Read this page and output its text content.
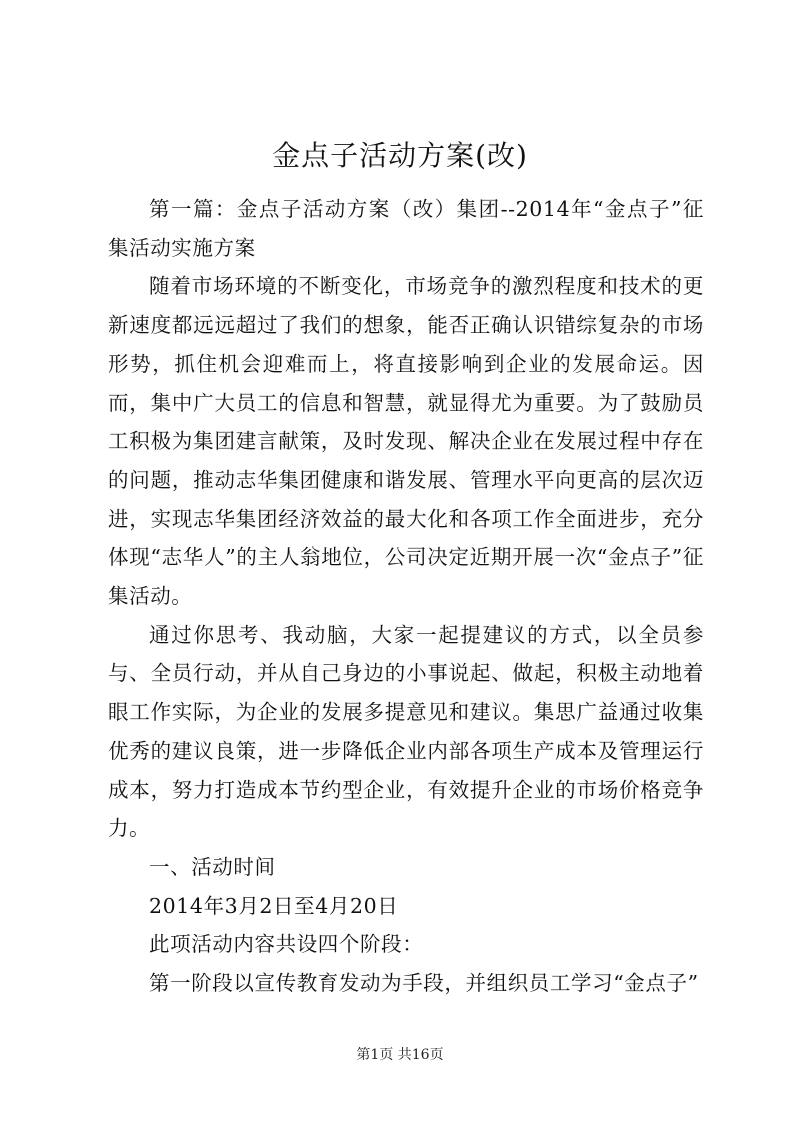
金点子活动方案(改)

第一篇：金点子活动方案（改）集团--2014年“金点子”征集活动实施方案

随着市场环境的不断变化，市场竞争的激烈程度和技术的更新速度都远远超过了我们的想象，能否正确认识错综复杂的市场形势，抓住机会迎难而上，将直接影响到企业的发展命运。因而，集中广大员工的信息和智慧，就显得尤为重要。为了鼓励员工积极为集团建言献策，及时发现、解决企业在发展过程中存在的问题，推动志华集团健康和谐发展、管理水平向更高的层次迈进，实现志华集团经济效益的最大化和各项工作全面进步，充分体现“志华人”的主人翁地位，公司决定近期开展一次“金点子”征集活动。

通过你思考、我动脑，大家一起提建议的方式，以全员参与、全员行动，并从自己身边的小事说起、做起，积极主动地着眼工作实际，为企业的发展多提意见和建议。集思广益通过收集优秀的建议良策，进一步降低企业内部各项生产成本及管理运行成本，努力打造成本节约型企业，有效提升企业的市场价格竞争力。

一、活动时间

2014年3月2日至4月20日

此项活动内容共设四个阶段：

第一阶段以宣传教育发动为手段，并组织员工学习“金点子”

第1页 共16页
